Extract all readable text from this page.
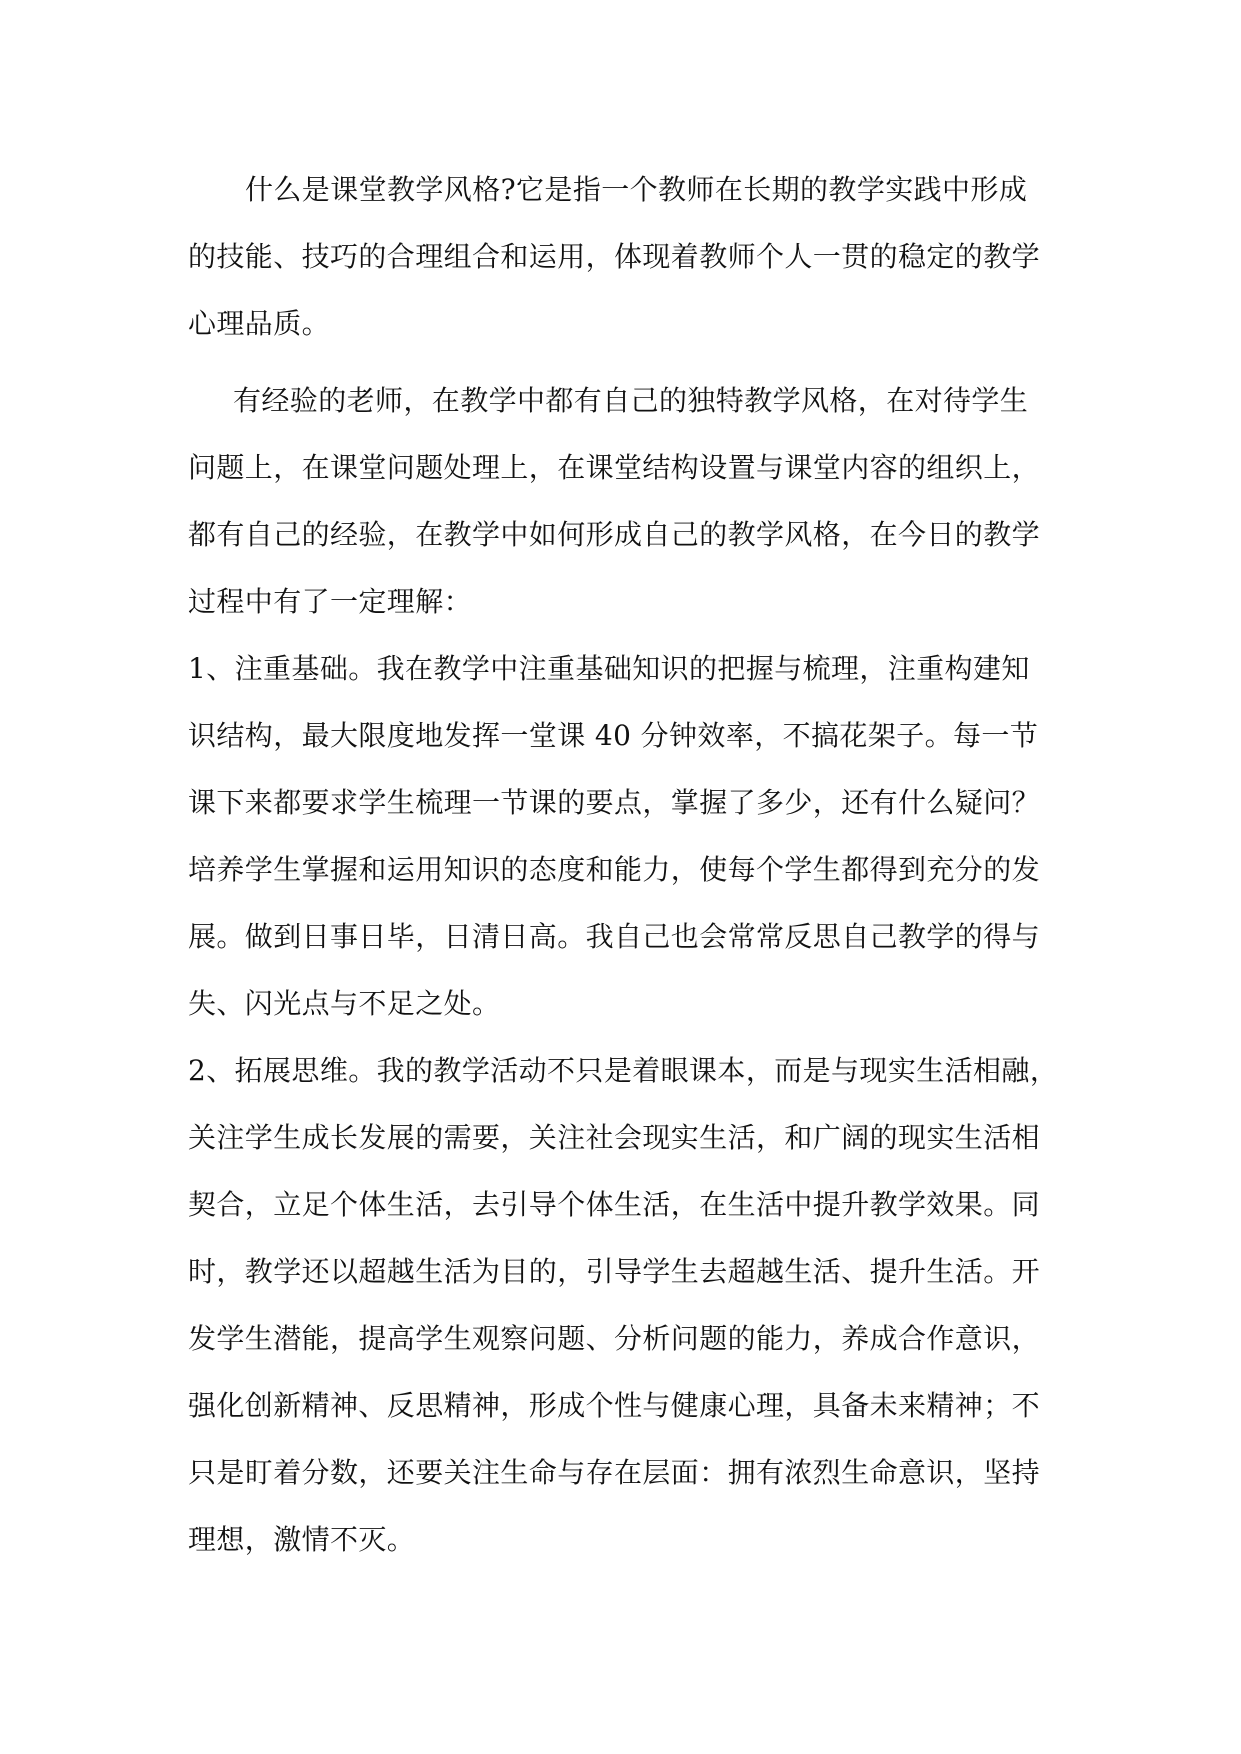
什么是课堂教学风格?它是指一个教师在长期的教学实践中形成
的技能、技巧的合理组合和运用，体现着教师个人一贯的稳定的教学
心理品质。
有经验的老师，在教学中都有自己的独特教学风格，在对待学生
问题上，在课堂问题处理上，在课堂结构设置与课堂内容的组织上，
都有自己的经验，在教学中如何形成自己的教学风格，在今日的教学
过程中有了一定理解：
1、注重基础。我在教学中注重基础知识的把握与梳理，注重构建知
识结构，最大限度地发挥一堂课 40 分钟效率，不搞花架子。每一节
课下来都要求学生梳理一节课的要点，掌握了多少，还有什么疑问？
培养学生掌握和运用知识的态度和能力，使每个学生都得到充分的发
展。做到日事日毕，日清日高。我自己也会常常反思自己教学的得与
失、闪光点与不足之处。
2、拓展思维。我的教学活动不只是着眼课本，而是与现实生活相融，
关注学生成长发展的需要，关注社会现实生活，和广阔的现实生活相
契合，立足个体生活，去引导个体生活，在生活中提升教学效果。同
时，教学还以超越生活为目的，引导学生去超越生活、提升生活。开
发学生潜能，提高学生观察问题、分析问题的能力，养成合作意识，
强化创新精神、反思精神，形成个性与健康心理，具备未来精神；不
只是盯着分数，还要关注生命与存在层面：拥有浓烈生命意识，坚持
理想，激情不灭。
